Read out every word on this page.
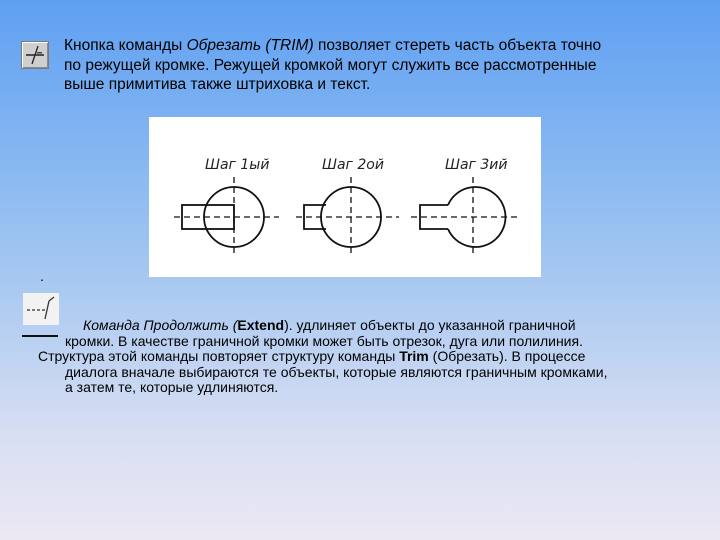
Кнопка команды Обрезать (TRIM) позволяет стереть часть объекта точно
по режущей кромке. Режущей кромкой могут служить все рассмотренные
выше примитива также штриховка и текст.
Шаг 1ый	Шаг 2ой	Шаг 3ий
.
Команда Продолжить (Extend). удлиняет объекты до указанной граничной
кромки. В качестве граничной кромки может быть отрезок, дуга или полилиния.
Структура этой команды повторяет структуру команды Trim (Обрезать). В процессе
диалога вначале выбираются те объекты, которые являются граничным кромками,
а затем те, которые удлиняются.
